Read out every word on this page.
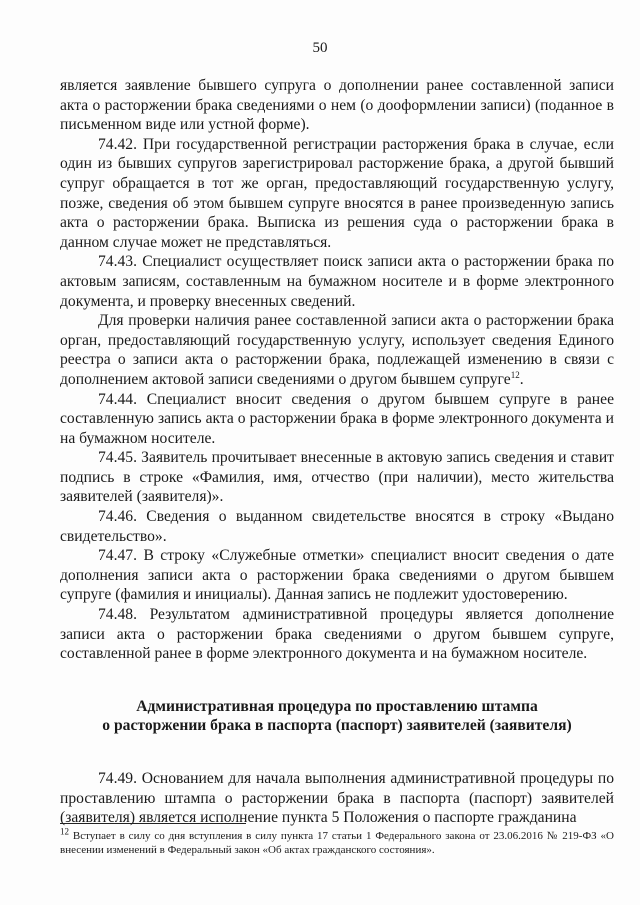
50

является заявление бывшего супруга о дополнении ранее составленной записи акта о расторжении брака сведениями о нем (о дооформлении записи) (поданное в письменном виде или устной форме).

74.42. При государственной регистрации расторжения брака в случае, если один из бывших супругов зарегистрировал расторжение брака, а другой бывший супруг обращается в тот же орган, предоставляющий государственную услугу, позже, сведения об этом бывшем супруге вносятся в ранее произведенную запись акта о расторжении брака. Выписка из решения суда о расторжении брака в данном случае может не представляться.

74.43. Специалист осуществляет поиск записи акта о расторжении брака по актовым записям, составленным на бумажном носителе и в форме электронного документа, и проверку внесенных сведений.

Для проверки наличия ранее составленной записи акта о расторжении брака орган, предоставляющий государственную услугу, использует сведения Единого реестра о записи акта о расторжении брака, подлежащей изменению в связи с дополнением актовой записи сведениями о другом бывшем супруге$^{12}$.

74.44. Специалист вносит сведения о другом бывшем супруге в ранее составленную запись акта о расторжении брака в форме электронного документа и на бумажном носителе.

74.45. Заявитель прочитывает внесенные в актовую запись сведения и ставит подпись в строке «Фамилия, имя, отчество (при наличии), место жительства заявителей (заявителя)».

74.46. Сведения о выданном свидетельстве вносятся в строку «Выдано свидетельство».

74.47. В строку «Служебные отметки» специалист вносит сведения о дате дополнения записи акта о расторжении брака сведениями о другом бывшем супруге (фамилия и инициалы). Данная запись не подлежит удостоверению.

74.48. Результатом административной процедуры является дополнение записи акта о расторжении брака сведениями о другом бывшем супруге, составленной ранее в форме электронного документа и на бумажном носителе.

Административная процедура по проставлению штампа
о расторжении брака в паспорта (паспорт) заявителей (заявителя)

74.49. Основанием для начала выполнения административной процедуры по проставлению штампа о расторжении брака в паспорта (паспорт) заявителей (заявителя) является исполнение пункта 5 Положения о паспорте гражданина

$^{12}$ Вступает в силу со дня вступления в силу пункта 17 статьи 1 Федерального закона от 23.06.2016 № 219-ФЗ «О внесении изменений в Федеральный закон «Об актах гражданского состояния».
